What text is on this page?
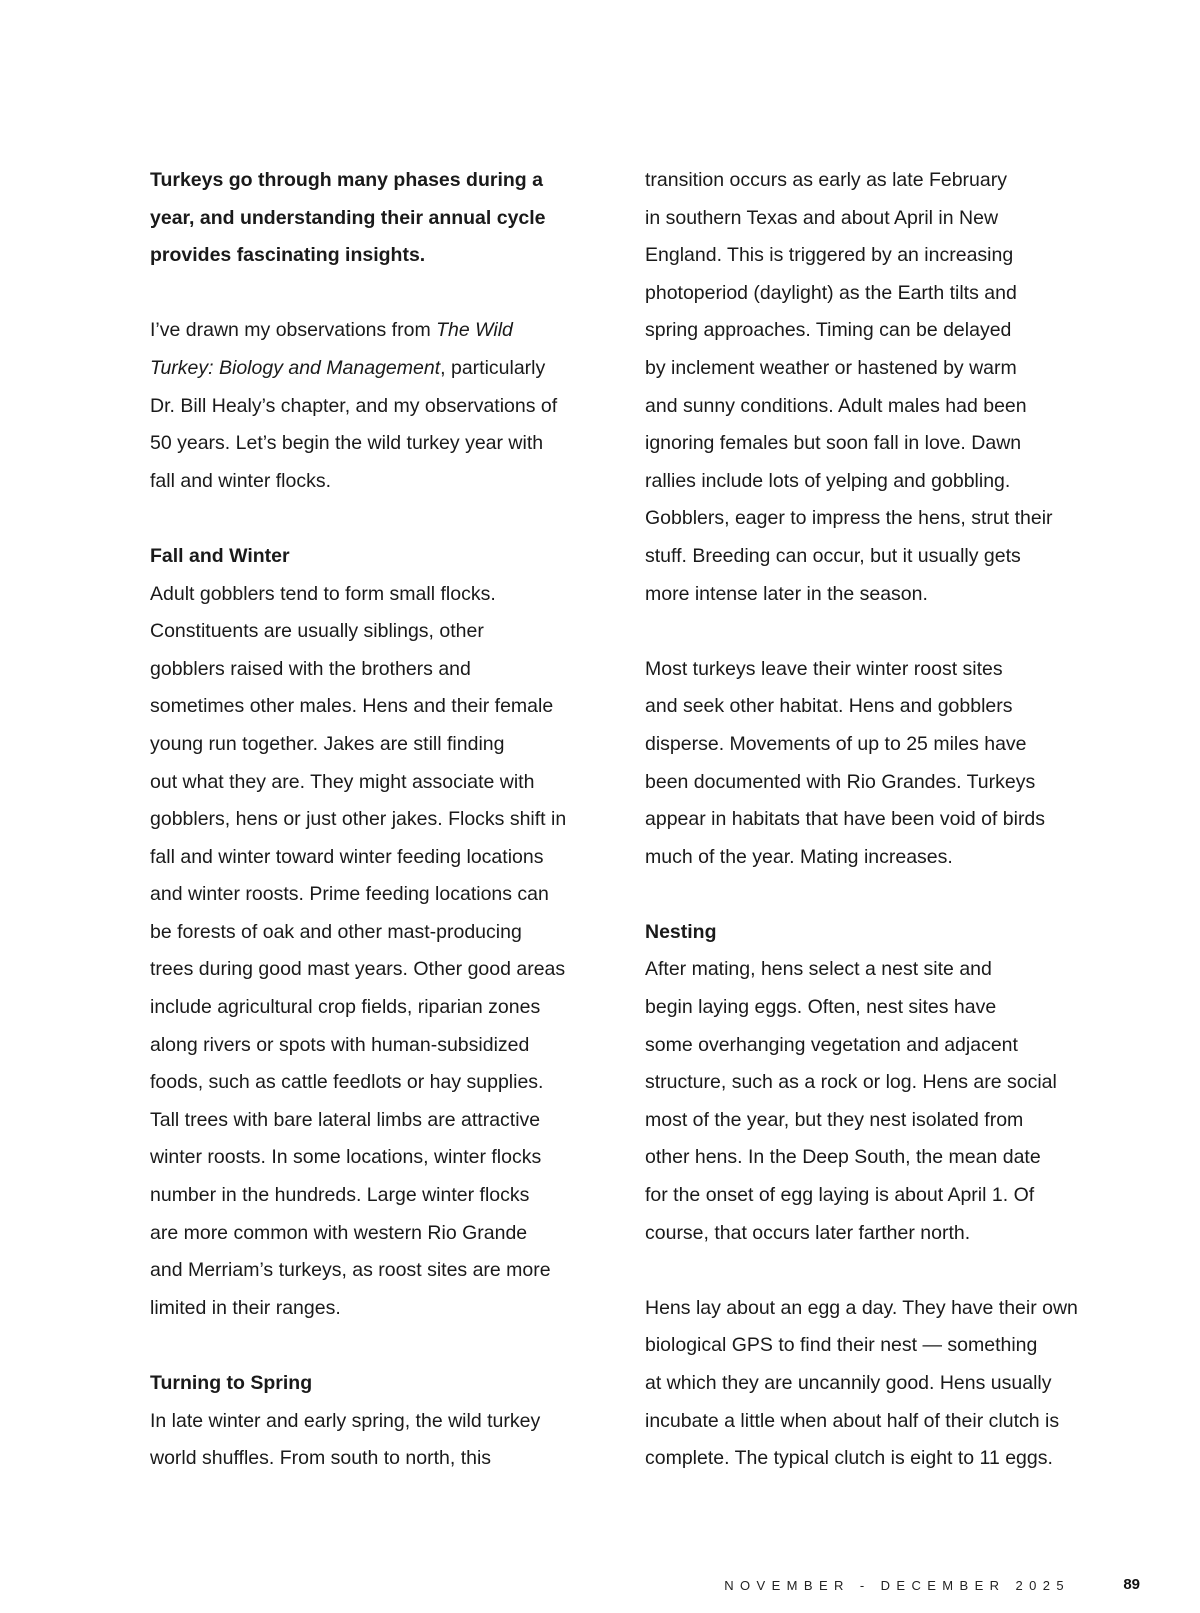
Turkeys go through many phases during a
year, and understanding their annual cycle
provides fascinating insights.

I’ve drawn my observations from The Wild
Turkey: Biology and Management, particularly
Dr. Bill Healy’s chapter, and my observations of
50 years. Let’s begin the wild turkey year with
fall and winter flocks.

Fall and Winter
Adult gobblers tend to form small flocks.
Constituents are usually siblings, other
gobblers raised with the brothers and
sometimes other males. Hens and their female
young run together. Jakes are still finding
out what they are. They might associate with
gobblers, hens or just other jakes. Flocks shift in
fall and winter toward winter feeding locations
and winter roosts. Prime feeding locations can
be forests of oak and other mast-producing
trees during good mast years. Other good areas
include agricultural crop fields, riparian zones
along rivers or spots with human-subsidized
foods, such as cattle feedlots or hay supplies.
Tall trees with bare lateral limbs are attractive
winter roosts. In some locations, winter flocks
number in the hundreds. Large winter flocks
are more common with western Rio Grande
and Merriam’s turkeys, as roost sites are more
limited in their ranges.

Turning to Spring
In late winter and early spring, the wild turkey
world shuffles. From south to north, this

transition occurs as early as late February
in southern Texas and about April in New
England. This is triggered by an increasing
photoperiod (daylight) as the Earth tilts and
spring approaches. Timing can be delayed
by inclement weather or hastened by warm
and sunny conditions. Adult males had been
ignoring females but soon fall in love. Dawn
rallies include lots of yelping and gobbling.
Gobblers, eager to impress the hens, strut their
stuff. Breeding can occur, but it usually gets
more intense later in the season.

Most turkeys leave their winter roost sites
and seek other habitat. Hens and gobblers
disperse. Movements of up to 25 miles have
been documented with Rio Grandes. Turkeys
appear in habitats that have been void of birds
much of the year. Mating increases.

Nesting
After mating, hens select a nest site and
begin laying eggs. Often, nest sites have
some overhanging vegetation and adjacent
structure, such as a rock or log. Hens are social
most of the year, but they nest isolated from
other hens. In the Deep South, the mean date
for the onset of egg laying is about April 1. Of
course, that occurs later farther north.

Hens lay about an egg a day. They have their own
biological GPS to find their nest — something
at which they are uncannily good. Hens usually
incubate a little when about half of their clutch is
complete. The typical clutch is eight to 11 eggs.

NOVEMBER - DECEMBER 2025	89
